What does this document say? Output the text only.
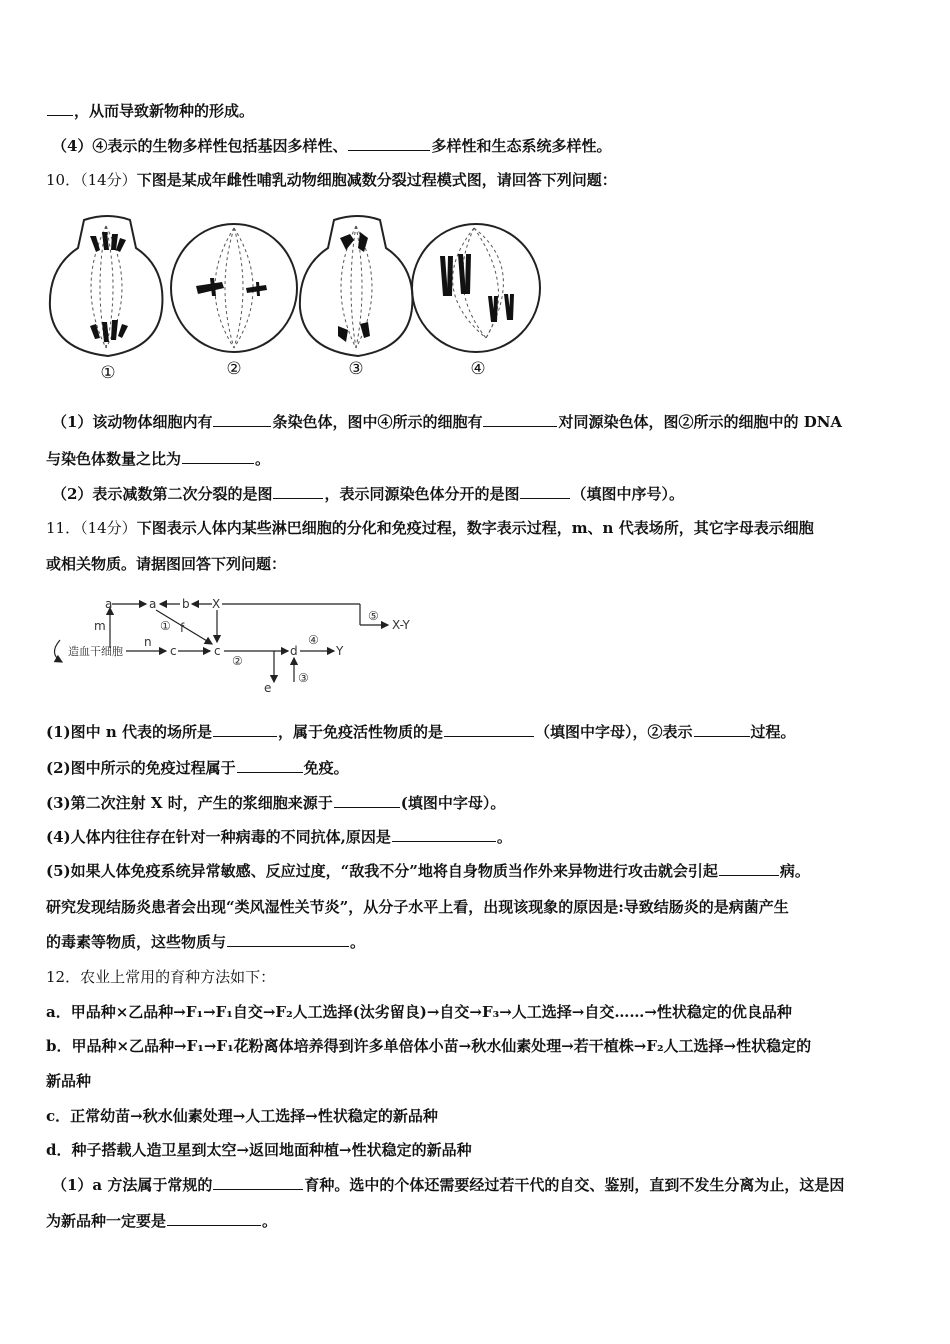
，从而导致新物种的形成。
（4）④表示的生物多样性包括基因多样性、	多样性和生态系统多样性。
10．（14分）下图是某成年雌性哺乳动物细胞减数分裂过程模式图，请回答下列问题：
①	②	③	④
（1）该动物体细胞内有	条染色体，图中④所示的细胞有	对同源染色体，图②所示的细胞中的 DNA
与染色体数量之比为	。
（2）表示减数第二次分裂的是图	，表示同源染色体分开的是图	（填图中序号）。
11．（14分）下图表示人体内某些淋巴细胞的分化和免疫过程，数字表示过程，m、n 代表场所，其它字母表示细胞
或相关物质。请据图回答下列问题：
a	a b X
m
n
c	c
f
d	Y
e
X-Y
造血干细胞
①
②
③
④
⑤
(1)图中 n 代表的场所是	，属于免疫活性物质的是	（填图中字母），②表示	过程。
(2)图中所示的免疫过程属于	免疫。
(3)第二次注射 X 时，产生的浆细胞来源于	(填图中字母）。
(4)人体内往往存在针对一种病毒的不同抗体,原因是	。
(5)如果人体免疫系统异常敏感、反应过度，“敌我不分”地将自身物质当作外来异物进行攻击就会引起	病。
研究发现结肠炎患者会出现“类风湿性关节炎”，从分子水平上看，出现该现象的原因是:导致结肠炎的是病菌产生
的毒素等物质，这些物质与	。
12．农业上常用的育种方法如下：
a．甲品种×乙品种→F₁→F₁自交→F₂人工选择(汰劣留良)→自交→F₃→人工选择→自交……→性状稳定的优良品种
b．甲品种×乙品种→F₁→F₁花粉离体培养得到许多单倍体小苗→秋水仙素处理→若干植株→F₂人工选择→性状稳定的
新品种
c．正常幼苗→秋水仙素处理→人工选择→性状稳定的新品种
d．种子搭载人造卫星到太空→返回地面种植→性状稳定的新品种
（1）a 方法属于常规的	育种。选中的个体还需要经过若干代的自交、鉴别，直到不发生分离为止，这是因
为新品种一定要是	。
